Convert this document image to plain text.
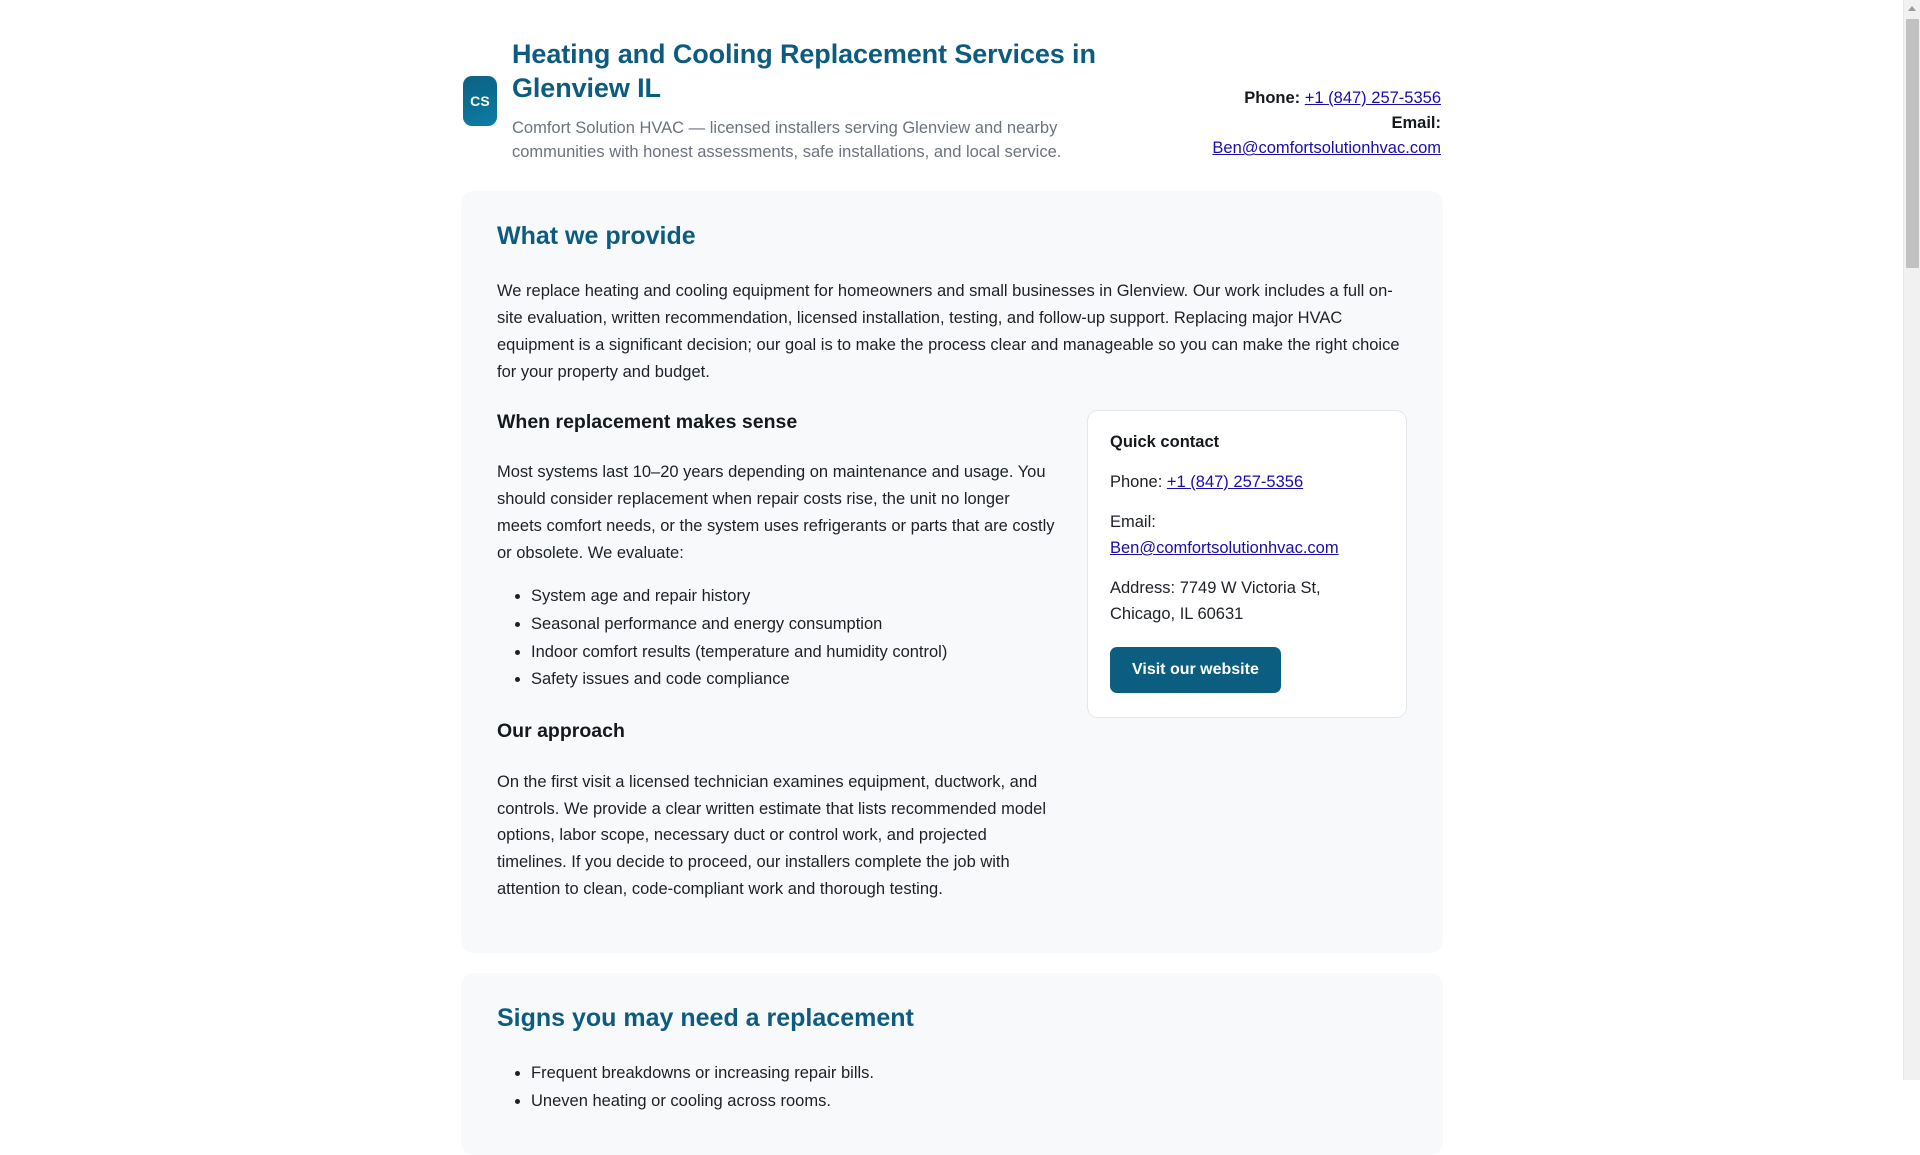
CS
Heating and Cooling Replacement Services in Glenview IL

Comfort Solution HVAC — licensed installers serving Glenview and nearby communities with honest assessments, safe installations, and local service.

Phone: +1 (847) 257-5356
Email:
Ben@comfortsolutionhvac.com
What we provide

We replace heating and cooling equipment for homeowners and small businesses in Glenview. Our work includes a full on-site evaluation, written recommendation, licensed installation, testing, and follow-up support. Replacing major HVAC equipment is a significant decision; our goal is to make the process clear and manageable so you can make the right choice for your property and budget.

When replacement makes sense

Most systems last 10–20 years depending on maintenance and usage. You should consider replacement when repair costs rise, the unit no longer meets comfort needs, or the system uses refrigerants or parts that are costly or obsolete. We evaluate:

• System age and repair history
• Seasonal performance and energy consumption
• Indoor comfort results (temperature and humidity control)
• Safety issues and code compliance
Our approach

On the first visit a licensed technician examines equipment, ductwork, and controls. We provide a clear written estimate that lists recommended model options, labor scope, necessary duct or control work, and projected timelines. If you decide to proceed, our installers complete the job with attention to clean, code-compliant work and thorough testing.

Quick contact
Phone: +1 (847) 257-5356
Email:
Ben@comfortsolutionhvac.com
Address: 7749 W Victoria St, Chicago, IL 60631
Visit our website
Signs you may need a replacement
• Frequent breakdowns or increasing repair bills.
• Uneven heating or cooling across rooms.
